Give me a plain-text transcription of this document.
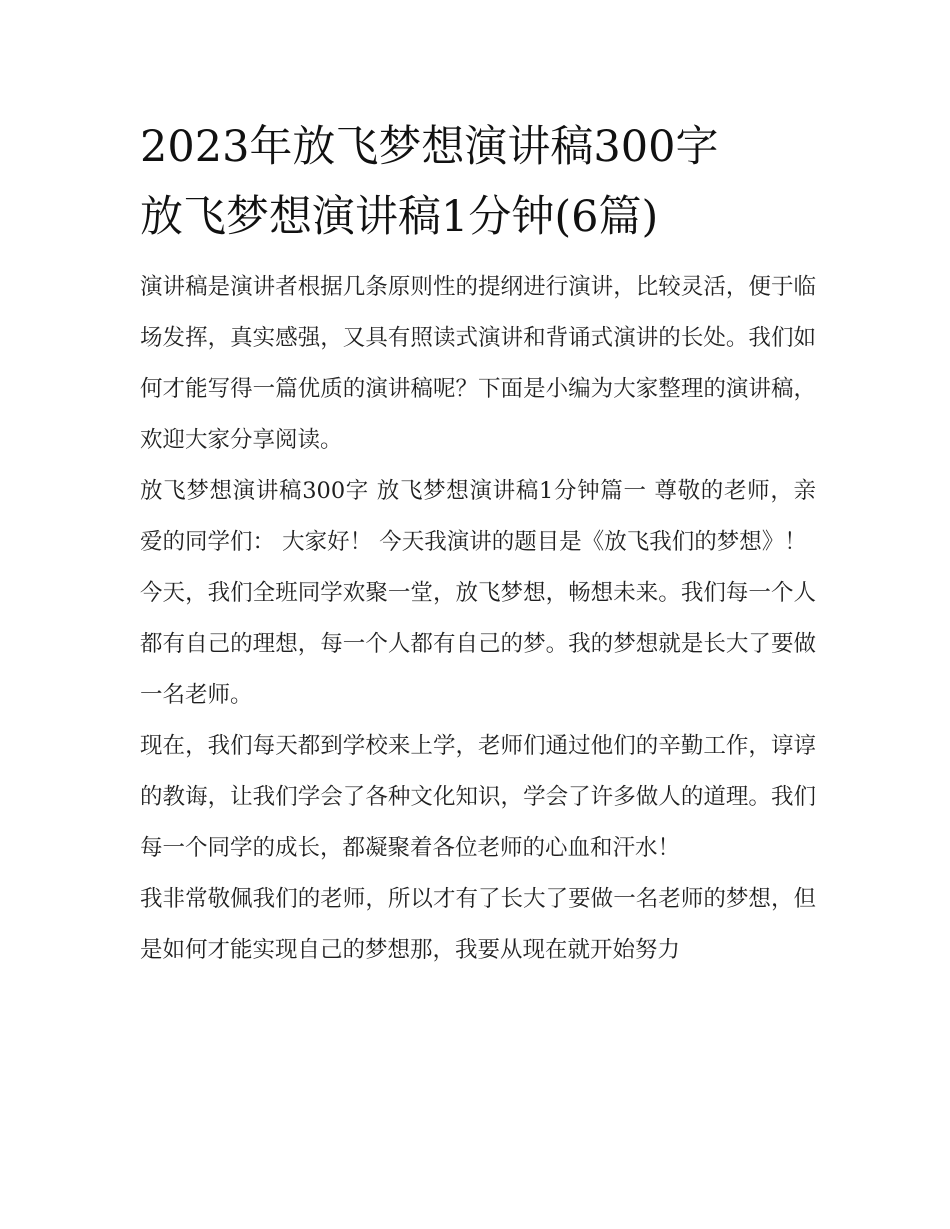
2023年放飞梦想演讲稿300字
放飞梦想演讲稿1分钟(6篇)

演讲稿是演讲者根据几条原则性的提纲进行演讲，比较灵活，便于临场发挥，真实感强，又具有照读式演讲和背诵式演讲的长处。我们如何才能写得一篇优质的演讲稿呢？下面是小编为大家整理的演讲稿，欢迎大家分享阅读。

放飞梦想演讲稿300字 放飞梦想演讲稿1分钟篇一 尊敬的老师，亲爱的同学们： 大家好！ 今天我演讲的题目是《放飞我们的梦想》！

今天，我们全班同学欢聚一堂，放飞梦想，畅想未来。我们每一个人都有自己的理想，每一个人都有自己的梦。我的梦想就是长大了要做一名老师。

现在，我们每天都到学校来上学，老师们通过他们的辛勤工作，谆谆的教诲，让我们学会了各种文化知识，学会了许多做人的道理。我们每一个同学的成长，都凝聚着各位老师的心血和汗水！

我非常敬佩我们的老师，所以才有了长大了要做一名老师的梦想，但是如何才能实现自己的梦想那，我要从现在就开始努力
